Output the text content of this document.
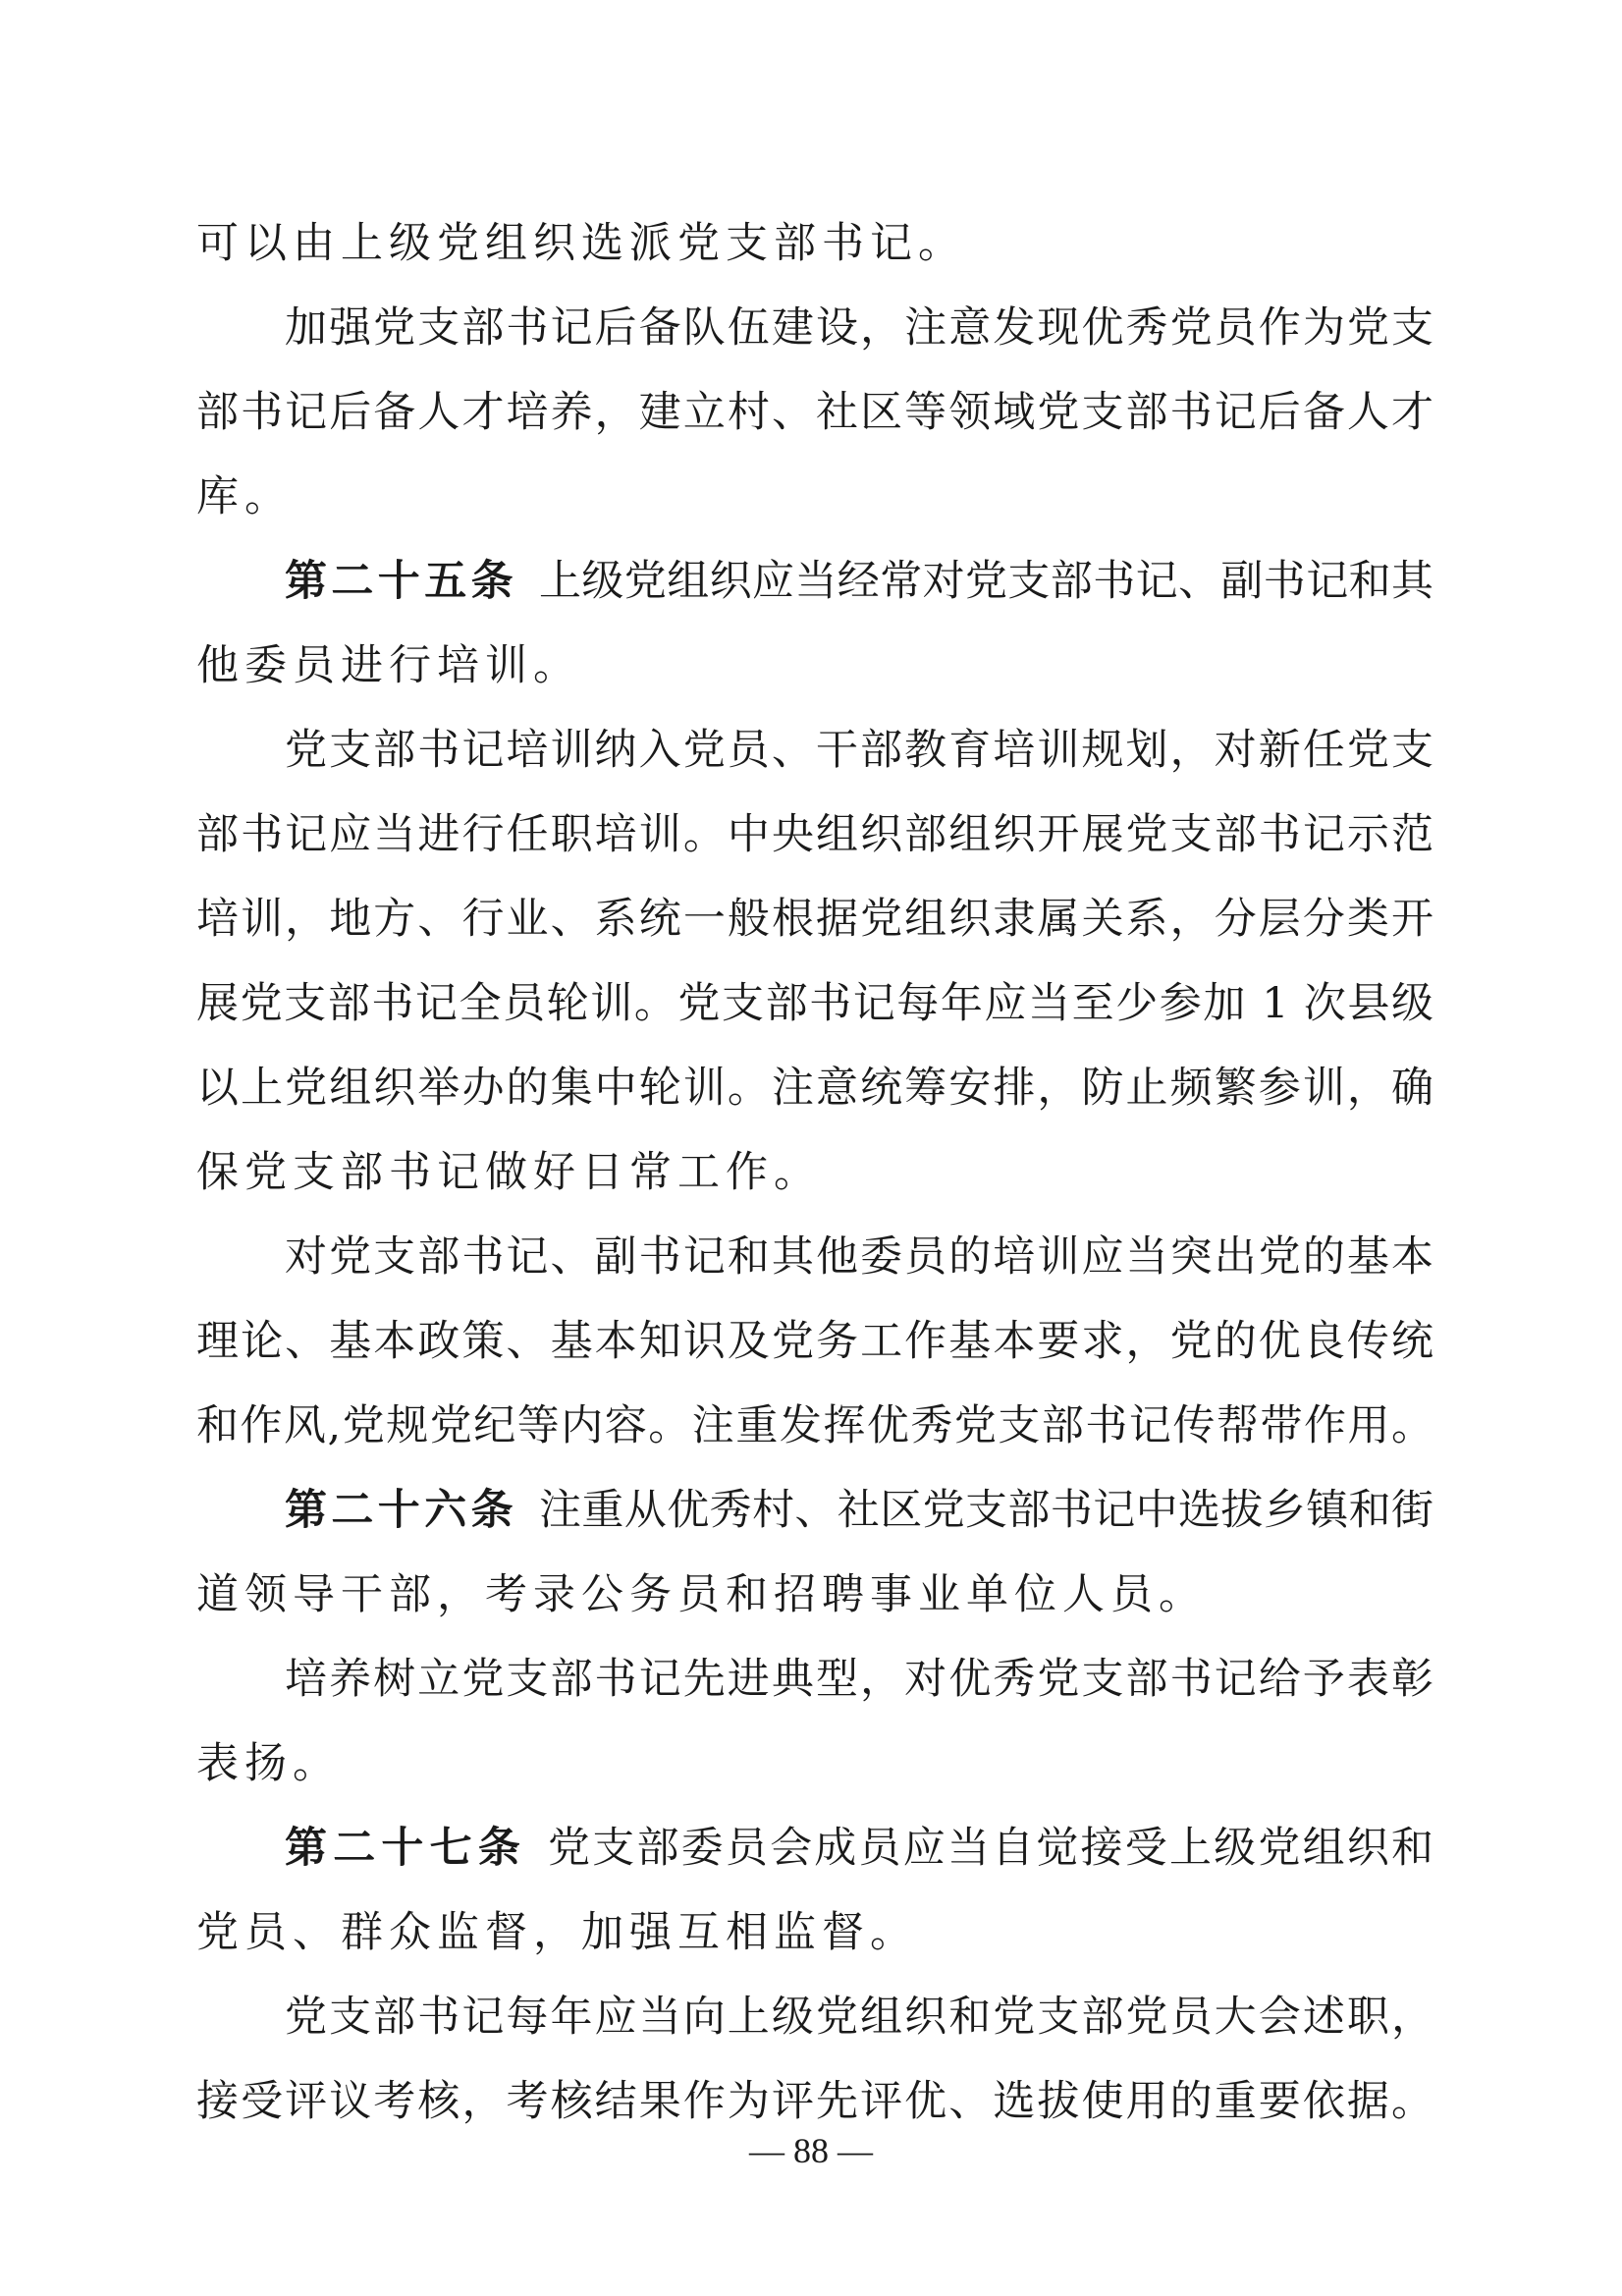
— 88 —
可以由上级党组织选派党支部书记。
加强党支部书记后备队伍建设，注意发现优秀党员作为党支
部书记后备人才培养，建立村、社区等领域党支部书记后备人才
库。
第二十五条 上级党组织应当经常对党支部书记、副书记和其
他委员进行培训。
党支部书记培训纳入党员、干部教育培训规划，对新任党支
部书记应当进行任职培训。中央组织部组织开展党支部书记示范
培训，地方、行业、系统一般根据党组织隶属关系，分层分类开
展党支部书记全员轮训。党支部书记每年应当至少参加 1 次县级
以上党组织举办的集中轮训。注意统筹安排，防止频繁参训，确
保党支部书记做好日常工作。
对党支部书记、副书记和其他委员的培训应当突出党的基本
理论、基本政策、基本知识及党务工作基本要求，党的优良传统
和作风,党规党纪等内容。注重发挥优秀党支部书记传帮带作用。
第二十六条 注重从优秀村、社区党支部书记中选拔乡镇和街
道领导干部，考录公务员和招聘事业单位人员。
培养树立党支部书记先进典型，对优秀党支部书记给予表彰
表扬。
第二十七条 党支部委员会成员应当自觉接受上级党组织和
党员、群众监督，加强互相监督。
党支部书记每年应当向上级党组织和党支部党员大会述职，
接受评议考核，考核结果作为评先评优、选拔使用的重要依据。
